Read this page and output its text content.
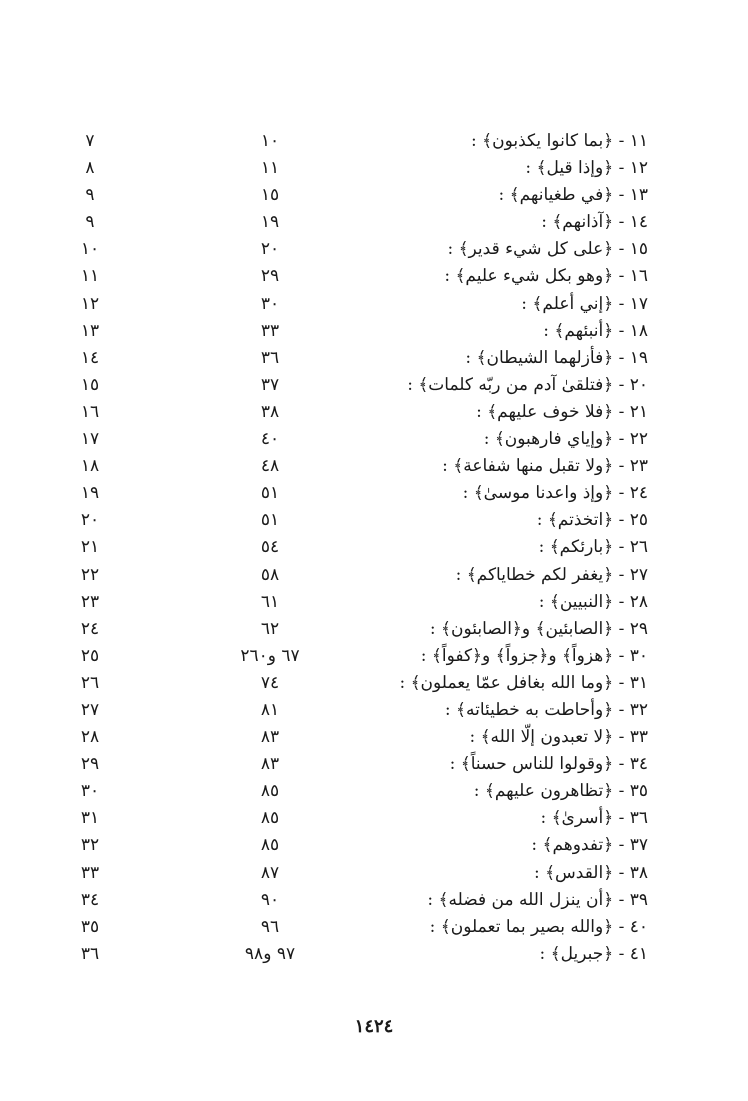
١١ - ﴿بما كانوا يكذبون﴾ :
١٠
٧
١٢ - ﴿وإذا قيل﴾ :
١١
٨
١٣ - ﴿في طغيانهم﴾ :
١٥
٩
١٤ - ﴿آذانهم﴾ :
١٩
٩
١٥ - ﴿على كل شيء قدير﴾ :
٢٠
١٠
١٦ - ﴿وهو بكل شيء عليم﴾ :
٢٩
١١
١٧ - ﴿إني أعلم﴾ :
٣٠
١٢
١٨ - ﴿أنبئهم﴾ :
٣٣
١٣
١٩ - ﴿فأزلهما الشيطان﴾ :
٣٦
١٤
٢٠ - ﴿فتلقىٰ آدم من ربّه كلمات﴾ :
٣٧
١٥
٢١ - ﴿فلا خوف عليهم﴾ :
٣٨
١٦
٢٢ - ﴿وإياي فارهبون﴾ :
٤٠
١٧
٢٣ - ﴿ولا تقبل منها شفاعة﴾ :
٤٨
١٨
٢٤ - ﴿وإذ واعدنا موسىٰ﴾ :
٥١
١٩
٢٥ - ﴿اتخذتم﴾ :
٥١
٢٠
٢٦ - ﴿بارئكم﴾ :
٥٤
٢١
٢٧ - ﴿يغفر لكم خطاياكم﴾ :
٥٨
٢٢
٢٨ - ﴿النبيين﴾ :
٦١
٢٣
٢٩ - ﴿الصابئين﴾ و﴿الصابئون﴾ :
٦٢
٢٤
٣٠ - ﴿هزواً﴾ و﴿جزواً﴾ و﴿كفواً﴾ :
٦٧ و٢٦٠
٢٥
٣١ - ﴿وما الله بغافل عمّا يعملون﴾ :
٧٤
٢٦
٣٢ - ﴿وأحاطت به خطيئاته﴾ :
٨١
٢٧
٣٣ - ﴿لا تعبدون إلّا الله﴾ :
٨٣
٢٨
٣٤ - ﴿وقولوا للناس حسناً﴾ :
٨٣
٢٩
٣٥ - ﴿تظاهرون عليهم﴾ :
٨٥
٣٠
٣٦ - ﴿أسرىٰ﴾ :
٨٥
٣١
٣٧ - ﴿تفدوهم﴾ :
٨٥
٣٢
٣٨ - ﴿القدس﴾ :
٨٧
٣٣
٣٩ - ﴿أن ينزل الله من فضله﴾ :
٩٠
٣٤
٤٠ - ﴿والله بصير بما تعملون﴾ :
٩٦
٣٥
٤١ - ﴿جبريل﴾ :
٩٧ و٩٨
٣٦
١٤٢٤
